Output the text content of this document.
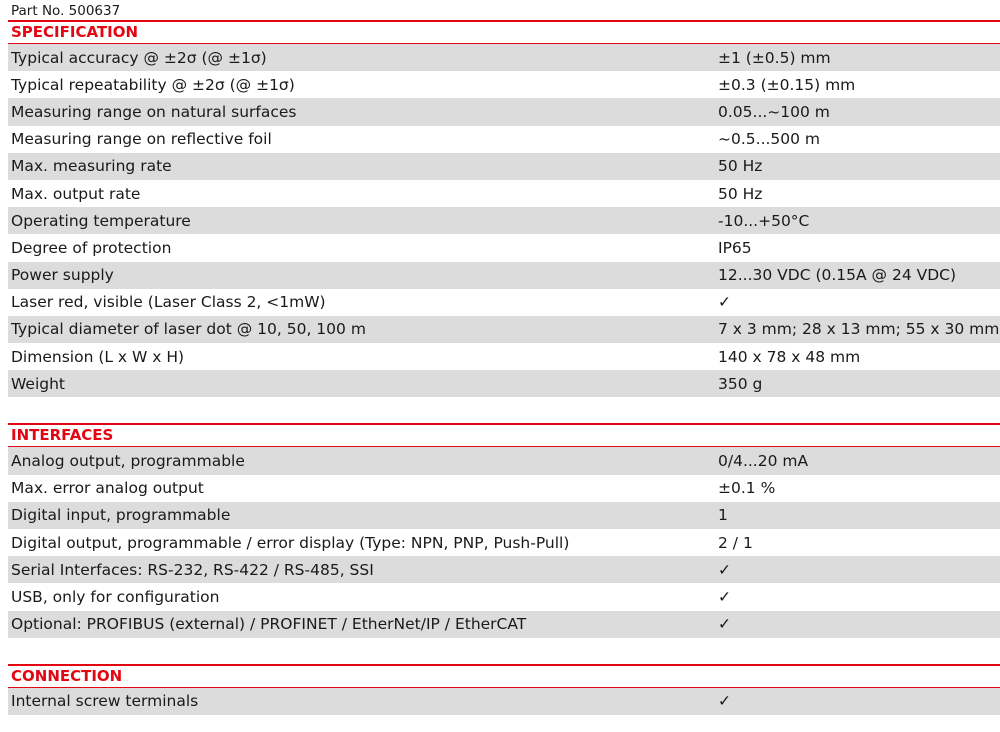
Part No. 500637
SPECIFICATION
Typical accuracy @ ±2σ (@ ±1σ)	±1 (±0.5) mm
Typical repeatability @ ±2σ (@ ±1σ)	±0.3 (±0.15) mm
Measuring range on natural surfaces	0.05...~100 m
Measuring range on reflective foil	~0.5...500 m
Max. measuring rate	50 Hz
Max. output rate	50 Hz
Operating temperature	-10...+50°C
Degree of protection	IP65
Power supply	12...30 VDC (0.15A @ 24 VDC)
Laser red, visible (Laser Class 2, <1mW)	✓
Typical diameter of laser dot @ 10, 50, 100 m	7 x 3 mm; 28 x 13 mm; 55 x 30 mm
Dimension (L x W x H)	140 x 78 x 48 mm
Weight	350 g
INTERFACES
Analog output, programmable	0/4...20 mA
Max. error analog output	±0.1 %
Digital input, programmable	1
Digital output, programmable / error display (Type: NPN, PNP, Push-Pull)	2 / 1
Serial Interfaces: RS-232, RS-422 / RS-485, SSI	✓
USB, only for configuration	✓
Optional: PROFIBUS (external) / PROFINET / EtherNet/IP / EtherCAT	✓
CONNECTION
Internal screw terminals	✓
